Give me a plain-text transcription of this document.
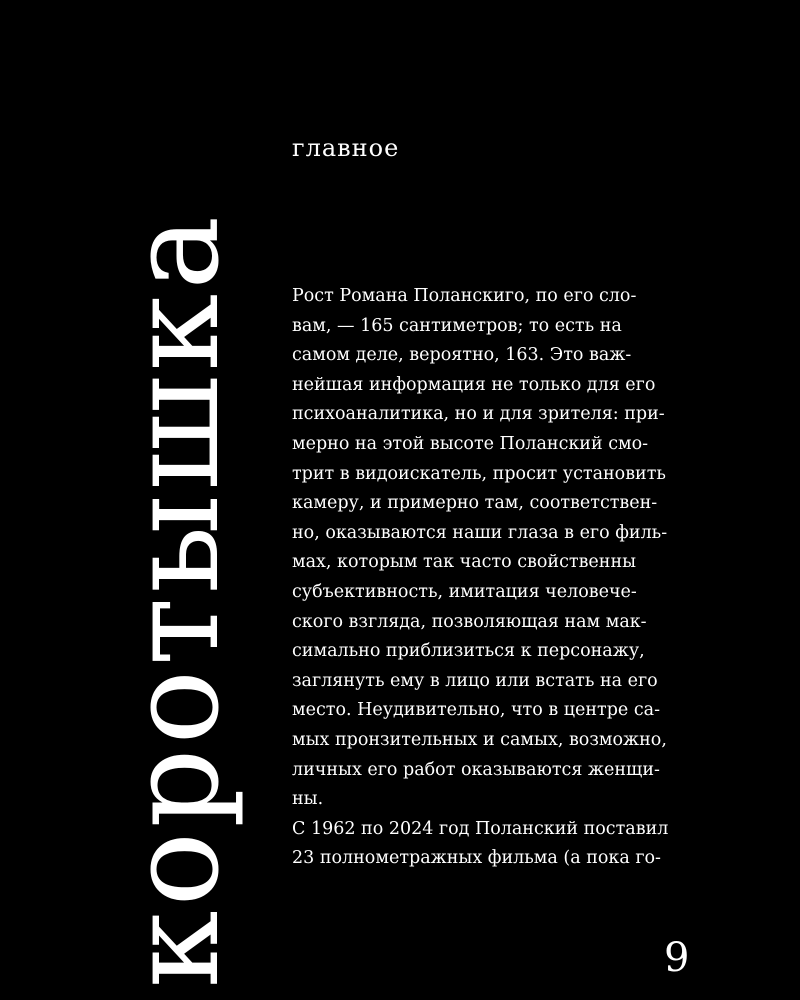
главное
коротышка	Рост Романа Поланскиго, по его сло-
вам, — 165 сантиметров; то есть на
самом деле, вероятно, 163. Это важ-
нейшая информация не только для его
психоаналитика, но и для зрителя: при-
мерно на этой высоте Поланский смо-
трит в видоискатель, просит установить
камеру, и примерно там, соответствен-
но, оказываются наши глаза в его филь-
мах, которым так часто свойственны
субъективность, имитация человече-
ского взгляда, позволяющая нам мак-
симально приблизиться к персонажу,
заглянуть ему в лицо или встать на его
место. Неудивительно, что в центре са-
мых пронзительных и самых, возможно,
личных его работ оказываются женщи-
ны.
С 1962 по 2024 год Поланский поставил
23 полнометражных фильма (а пока го-
9
